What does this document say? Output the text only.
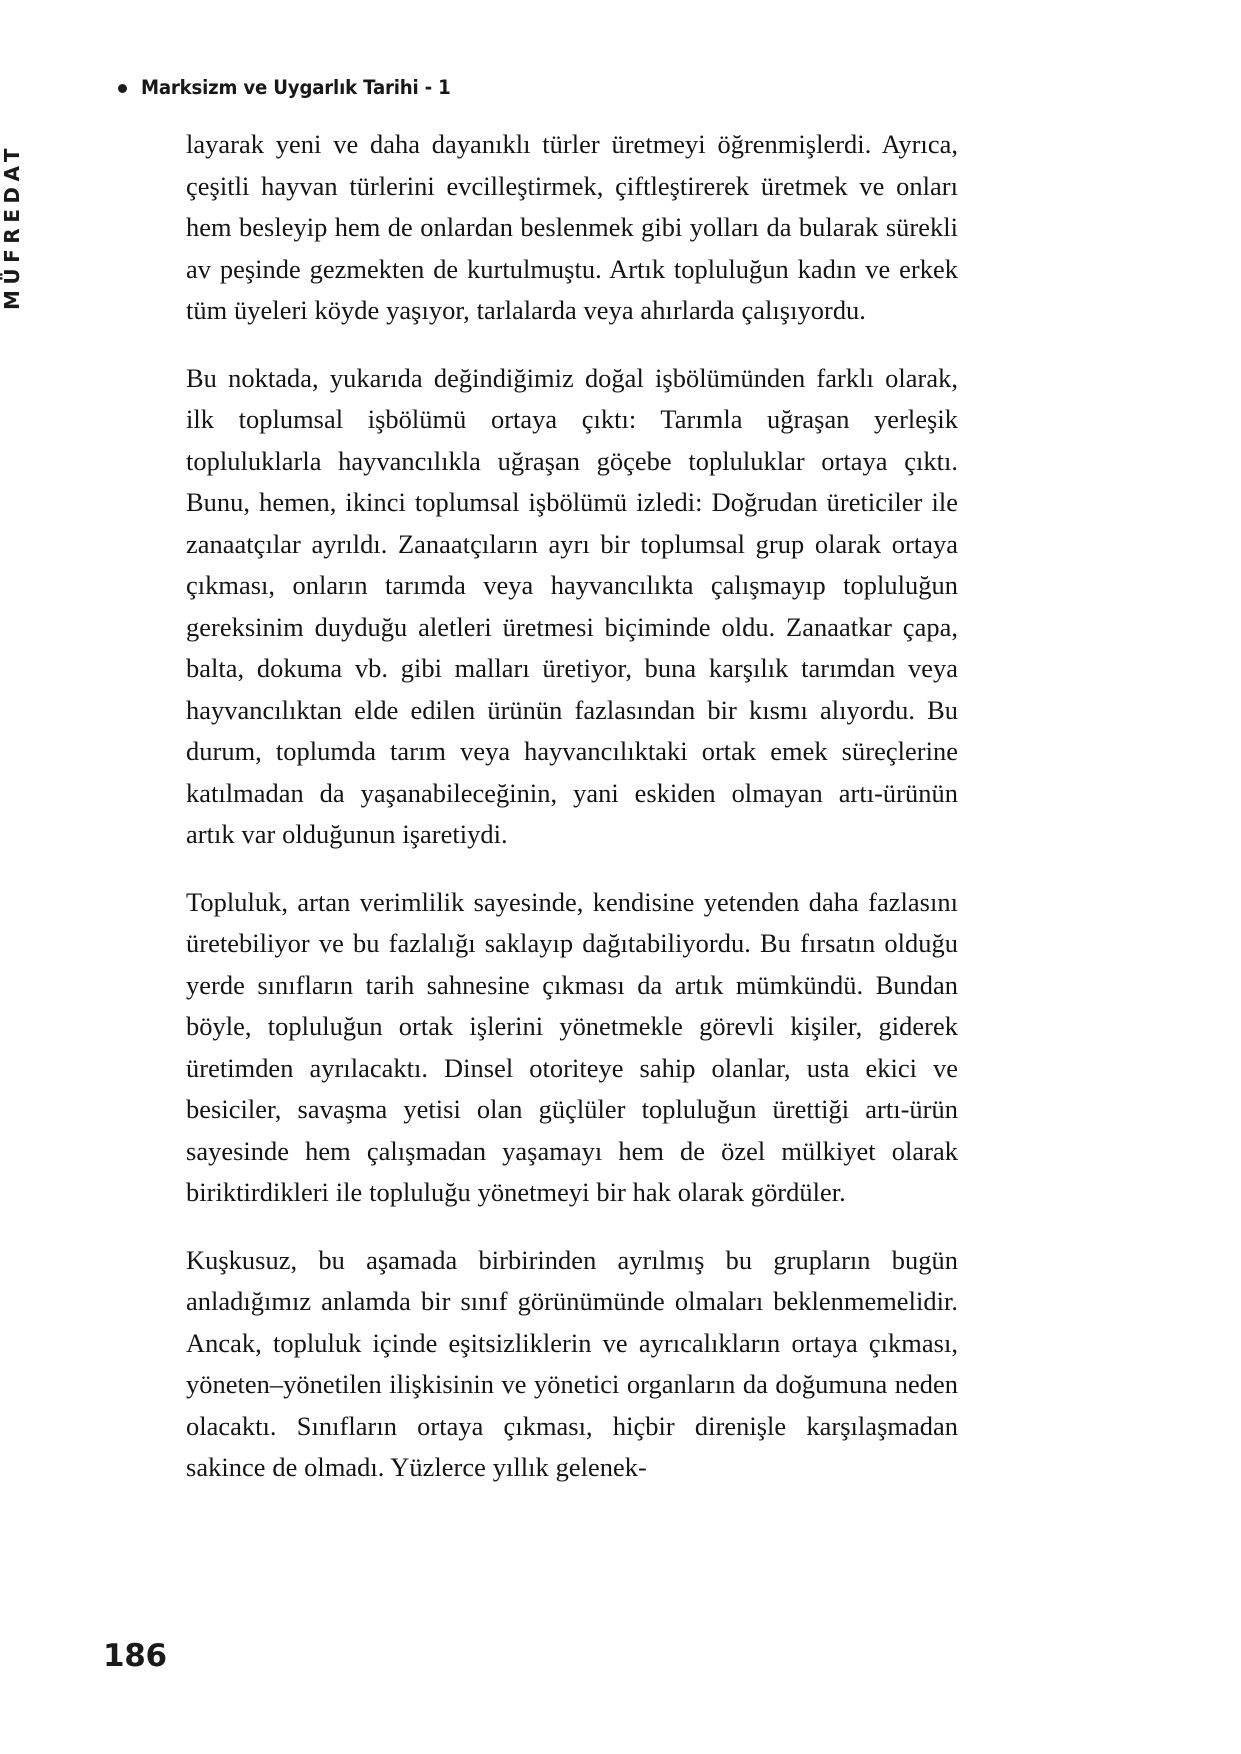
Marksizm ve Uygarlık Tarihi - 1
MÜFREDAT	layarak yeni ve daha dayanıklı türler üretmeyi öğrenmişlerdi. Ayrıca, çeşitli hayvan türlerini evcilleştirmek, çiftleştirerek üretmek ve onları hem besleyip hem de onlardan beslenmek gibi yolları da bularak sürekli av peşinde gezmekten de kurtulmuştu. Artık topluluğun kadın ve erkek tüm üyeleri köyde yaşıyor, tarlalarda veya ahırlarda çalışıyordu.

Bu noktada, yukarıda değindiğimiz doğal işbölümünden farklı olarak, ilk toplumsal işbölümü ortaya çıktı: Tarımla uğraşan yerleşik topluluklarla hayvancılıkla uğraşan göçebe topluluklar ortaya çıktı. Bunu, hemen, ikinci toplumsal işbölümü izledi: Doğrudan üreticiler ile zanaatçılar ayrıldı. Zanaatçıların ayrı bir toplumsal grup olarak ortaya çıkması, onların tarımda veya hayvancılıkta çalışmayıp topluluğun gereksinim duyduğu aletleri üretmesi biçiminde oldu. Zanaatkar çapa, balta, dokuma vb. gibi malları üretiyor, buna karşılık tarımdan veya hayvancılıktan elde edilen ürünün fazlasından bir kısmı alıyordu. Bu durum, toplumda tarım veya hayvancılıktaki ortak emek süreçlerine katılmadan da yaşanabileceğinin, yani eskiden olmayan artı-ürünün artık var olduğunun işaretiydi.

Topluluk, artan verimlilik sayesinde, kendisine yetenden daha fazlasını üretebiliyor ve bu fazlalığı saklayıp dağıtabiliyordu. Bu fırsatın olduğu yerde sınıfların tarih sahnesine çıkması da artık mümkündü. Bundan böyle, topluluğun ortak işlerini yönetmekle görevli kişiler, giderek üretimden ayrılacaktı. Dinsel otoriteye sahip olanlar, usta ekici ve besiciler, savaşma yetisi olan güçlüler topluluğun ürettiği artı-ürün sayesinde hem çalışmadan yaşamayı hem de özel mülkiyet olarak biriktirdikleri ile topluluğu yönetmeyi bir hak olarak gördüler.

Kuşkusuz, bu aşamada birbirinden ayrılmış bu grupların bugün anladığımız anlamda bir sınıf görünümünde olmaları beklenmemelidir. Ancak, topluluk içinde eşitsizliklerin ve ayrıcalıkların ortaya çıkması, yöneten–yönetilen ilişkisinin ve yönetici organların da doğumuna neden olacaktı. Sınıfların ortaya çıkması, hiçbir direnişle karşılaşmadan sakince de olmadı. Yüzlerce yıllık gelenek-

186
